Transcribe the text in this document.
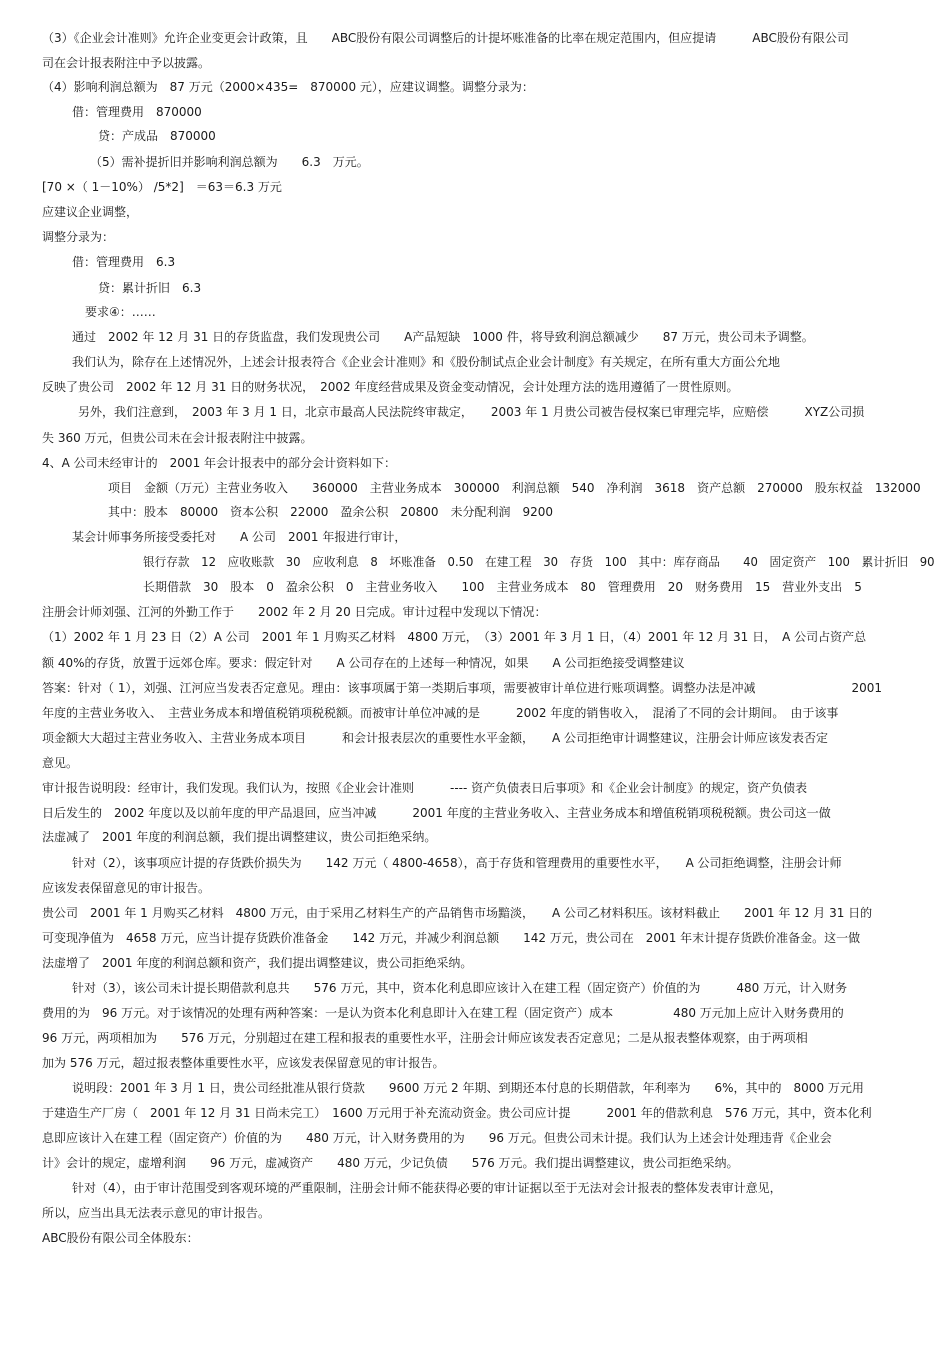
（3）《企业会计准则》允许企业变更会计政策，且　　ABC股份有限公司调整后的计提坏账准备的比率在规定范围内，但应提请　　　ABC股份有限公司
司在会计报表附注中予以披露。
（4）影响利润总额为　87 万元（2000×435=　870000 元），应建议调整。调整分录为：
借：管理费用　870000
贷：产成品　870000
（5）需补提折旧并影响利润总额为　　6.3　万元。
[70 ×（ 1－10%） /5*2]　＝63＝6.3 万元
应建议企业调整，
调整分录为：
借：管理费用　6.3
贷：累计折旧　6.3
要求④：……
通过　2002 年 12 月 31 日的存货监盘，我们发现贵公司　　A产品短缺　1000 件，将导致利润总额减少　　87 万元，贵公司未予调整。
我们认为，除存在上述情况外，上述会计报表符合《企业会计准则》和《股份制试点企业会计制度》有关规定，在所有重大方面公允地
反映了贵公司　2002 年 12 月 31 日的财务状况，　2002 年度经营成果及资金变动情况，会计处理方法的选用遵循了一贯性原则。
另外，我们注意到，　2003 年 3 月 1 日，北京市最高人民法院终审裁定，　　2003 年 1 月贵公司被告侵权案已审理完毕，应赔偿　　　XYZ公司损
失 360 万元，但贵公司未在会计报表附注中披露。
4、A 公司未经审计的　2001 年会计报表中的部分会计资料如下：
项目　金额（万元）主营业务收入　　360000　主营业务成本　300000　利润总额　540　净利润　3618　资产总额　270000　股东权益　132000
其中：股本　80000　资本公积　22000　盈余公积　20800　未分配利润　9200
某会计师事务所接受委托对　　A 公司　2001 年报进行审计，
银行存款　12　应收账款　30　应收利息　8　坏账准备　0.50　在建工程　30　存货　100　其中：库存商品　　40　固定资产　100　累计折旧　90
长期借款　30　股本　0　盈余公积　0　主营业务收入　　100　主营业务成本　80　管理费用　20　财务费用　15　营业外支出　5
注册会计师刘强、江河的外勤工作于　　2002 年 2 月 20 日完成。审计过程中发现以下情况：
（1）2002 年 1 月 23 日（2）A 公司　2001 年 1 月购买乙材料　4800 万元，　（3）2001 年 3 月 1 日，（4）2001 年 12 月 31 日，　A 公司占资产总
额 40%的存货，放置于远郊仓库。要求：假定针对　　A 公司存在的上述每一种情况，如果　　A 公司拒绝接受调整建议
答案：针对（ 1），刘强、江河应当发表否定意见。理由：该事项属于第一类期后事项，需要被审计单位进行账项调整。调整办法是冲减　　　　　　　　2001
年度的主营业务收入、　主营业务成本和增值税销项税税额。而被审计单位冲减的是　　　2002 年度的销售收入，　混淆了不同的会计期间。　由于该事
项金额大大超过主营业务收入、主营业务成本项目　　　和会计报表层次的重要性水平金额，　　A 公司拒绝审计调整建议，注册会计师应该发表否定
意见。
审计报告说明段：经审计，我们发现。我们认为，按照《企业会计准则　　　---- 资产负债表日后事项》和《企业会计制度》的规定，资产负债表
日后发生的　2002 年度以及以前年度的甲产品退回，应当冲减　　　2001 年度的主营业务收入、主营业务成本和增值税销项税税额。贵公司这一做
法虚减了　2001 年度的利润总额，我们提出调整建议，贵公司拒绝采纳。
针对（2），该事项应计提的存货跌价损失为　　142 万元（ 4800-4658），高于存货和管理费用的重要性水平，　　A 公司拒绝调整，注册会计师
应该发表保留意见的审计报告。
贵公司　2001 年 1 月购买乙材料　4800 万元，由于采用乙材料生产的产品销售市场黯淡，　　A 公司乙材料积压。该材料截止　　2001 年 12 月 31 日的
可变现净值为　4658 万元，应当计提存货跌价准备金　　142 万元，并减少利润总额　　142 万元，贵公司在　2001 年末计提存货跌价准备金。这一做
法虚增了　2001 年度的利润总额和资产，我们提出调整建议，贵公司拒绝采纳。
针对（3），该公司未计提长期借款利息共　　576 万元，其中，资本化利息即应该计入在建工程（固定资产）价值的为　　　480 万元，计入财务
费用的为　96 万元。对于该情况的处理有两种答案：一是认为资本化利息即计入在建工程（固定资产）成本　　　　　480 万元加上应计入财务费用的
96 万元，两项相加为　　576 万元，分别超过在建工程和报表的重要性水平，注册会计师应该发表否定意见；二是从报表整体观察，由于两项相
加为 576 万元，超过报表整体重要性水平，应该发表保留意见的审计报告。
说明段：2001 年 3 月 1 日，贵公司经批准从银行贷款　　9600 万元 2 年期、到期还本付息的长期借款，年利率为　　6%，其中的　8000 万元用
于建造生产厂房（　2001 年 12 月 31 日尚未完工）　1600 万元用于补充流动资金。贵公司应计提　　　2001 年的借款利息　576 万元，其中，资本化利
息即应该计入在建工程（固定资产）价值的为　　480 万元，计入财务费用的为　　96 万元。但贵公司未计提。我们认为上述会计处理违背《企业会
计》会计的规定，虚增利润　　96 万元，虚减资产　　480 万元，少记负债　　576 万元。我们提出调整建议，贵公司拒绝采纳。
针对（4），由于审计范围受到客观环境的严重限制，注册会计师不能获得必要的审计证据以至于无法对会计报表的整体发表审计意见，
所以，应当出具无法表示意见的审计报告。
ABC股份有限公司全体股东：
